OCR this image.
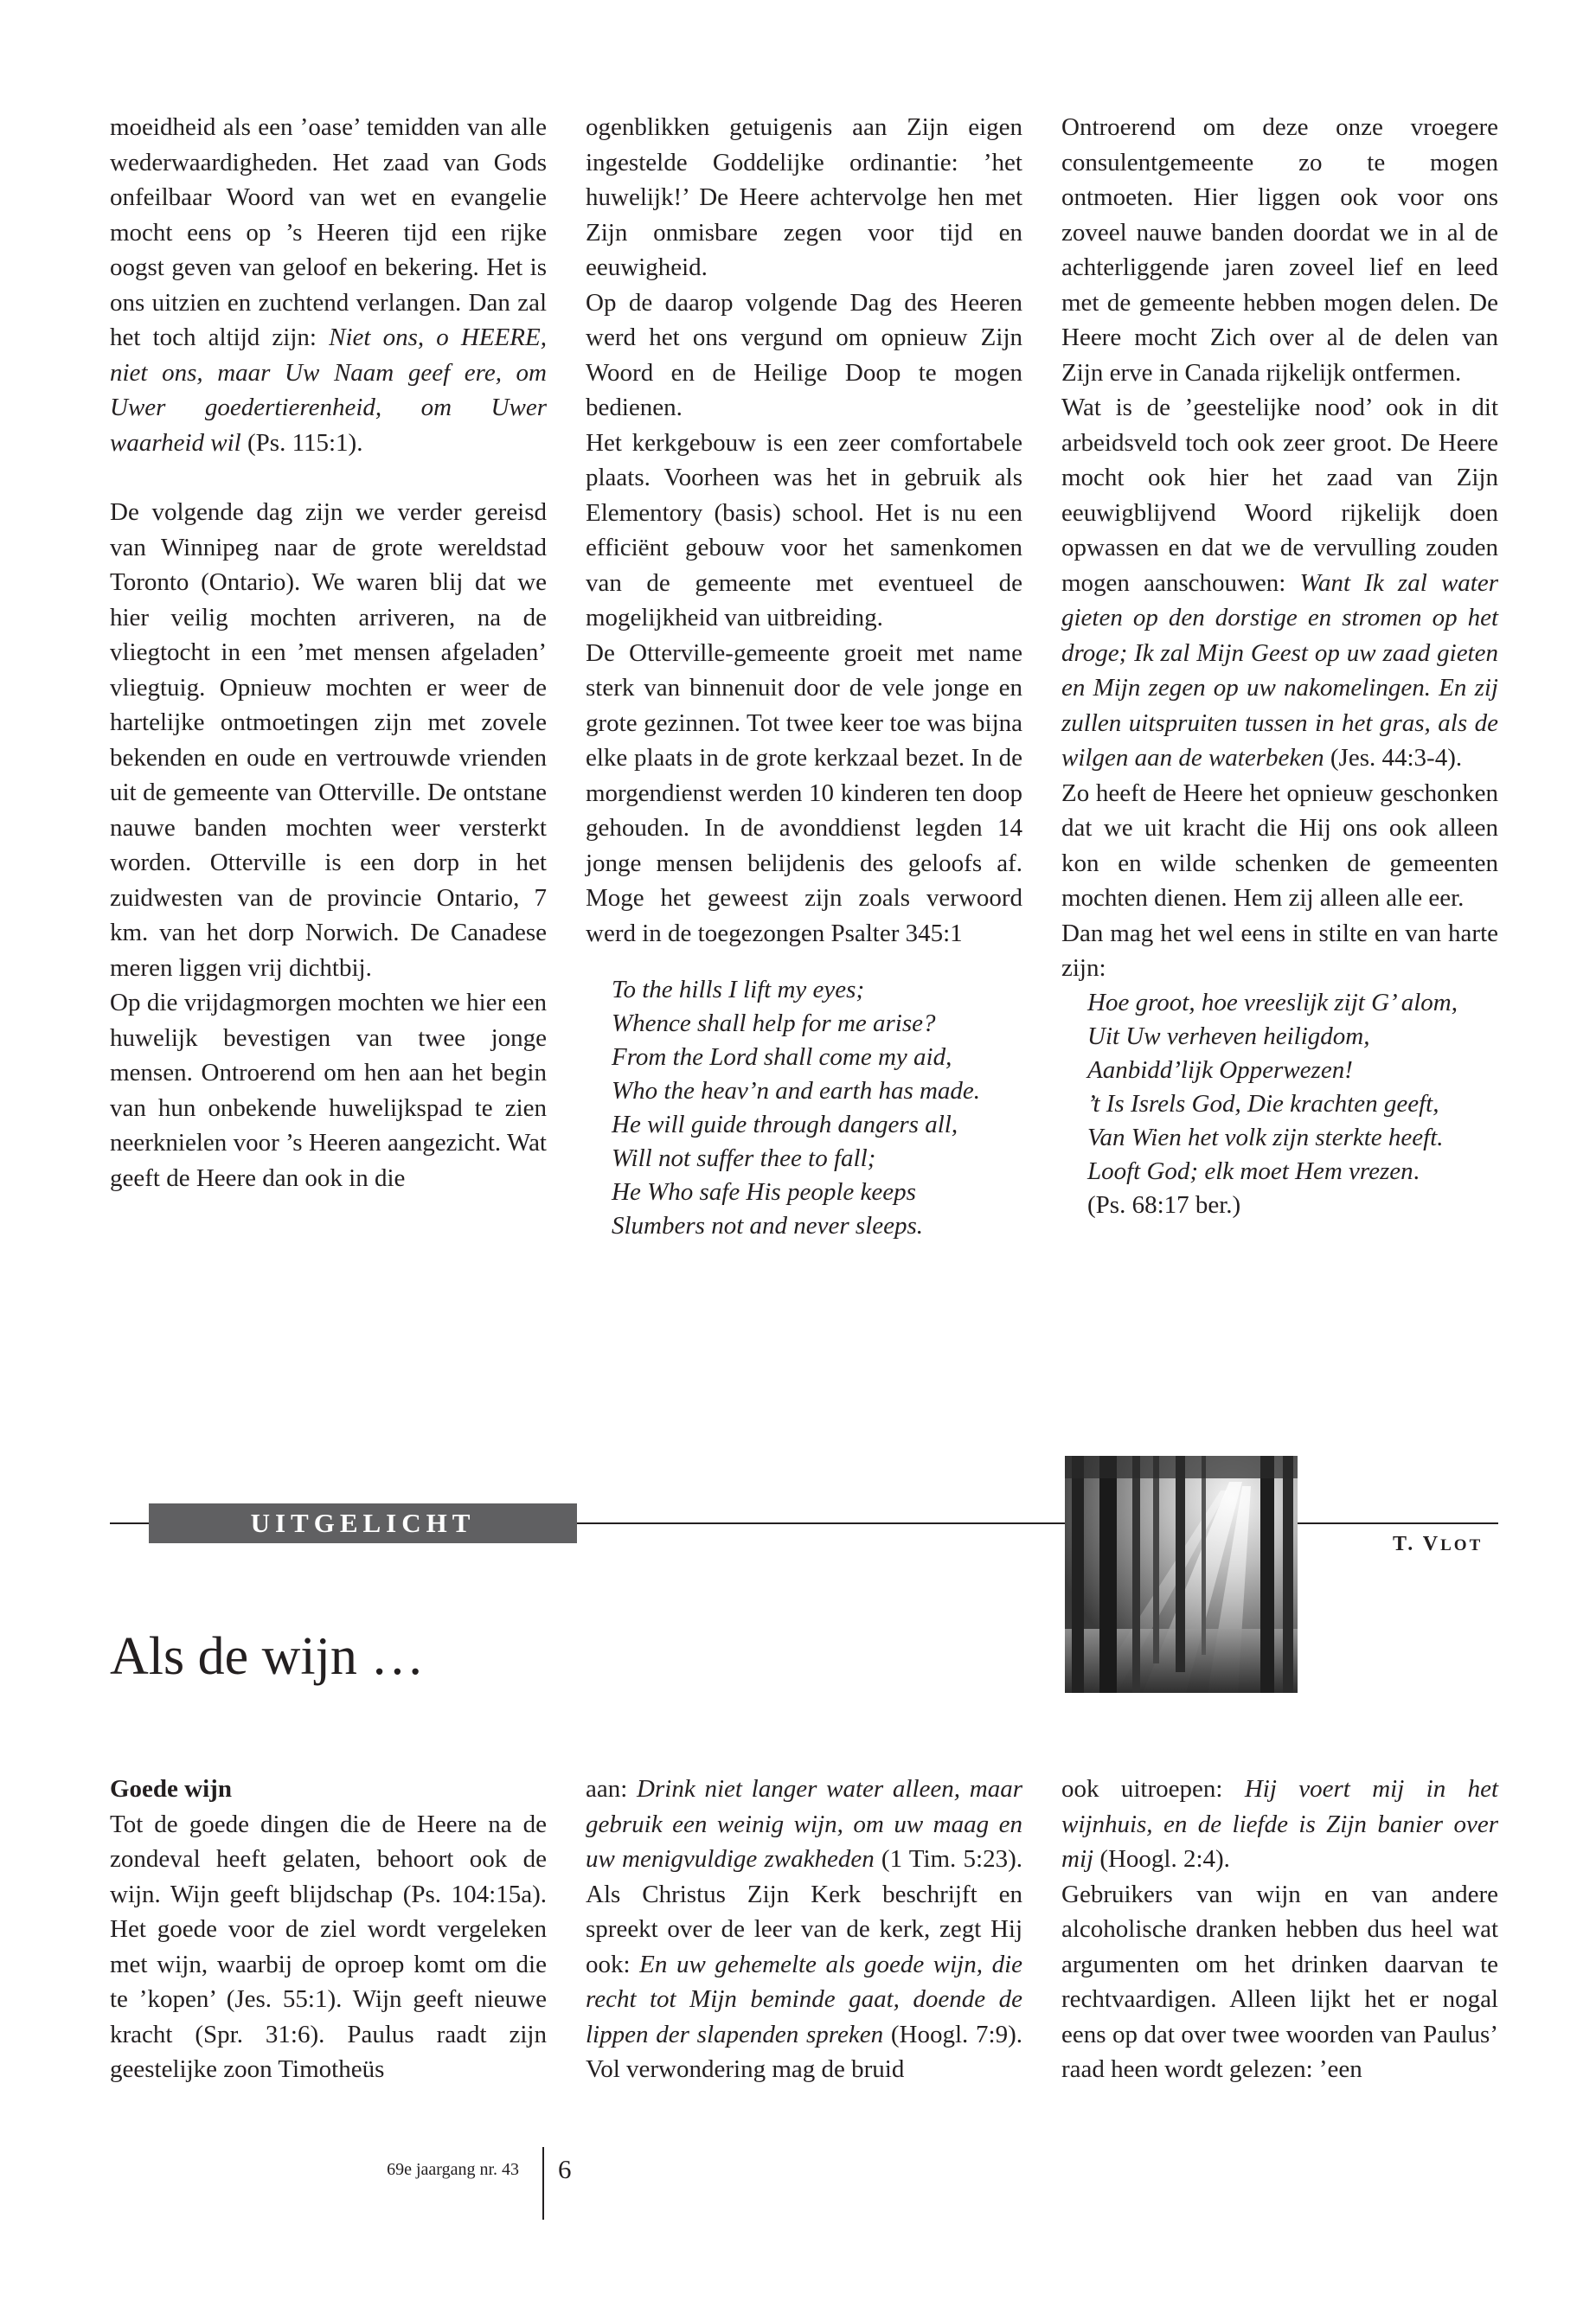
moeidheid als een ’oase’ temidden van alle wederwaardigheden. Het zaad van Gods onfeilbaar Woord van wet en evangelie mocht eens op ’s Heeren tijd een rijke oogst geven van geloof en bekering. Het is ons uitzien en zuchtend verlangen. Dan zal het toch altijd zijn: Niet ons, o HEERE, niet ons, maar Uw Naam geef ere, om Uwer goedertierenheid, om Uwer waarheid wil (Ps. 115:1).

De volgende dag zijn we verder gereisd van Winnipeg naar de grote wereldstad Toronto (Ontario). We waren blij dat we hier veilig mochten arriveren, na de vliegtocht in een ’met mensen afgeladen’ vliegtuig. Opnieuw mochten er weer de hartelijke ontmoetingen zijn met zovele bekenden en oude en vertrouwde vrienden uit de gemeente van Otterville. De ontstane nauwe banden mochten weer versterkt worden. Otterville is een dorp in het zuidwesten van de provincie Ontario, 7 km. van het dorp Norwich. De Canadese meren liggen vrij dichtbij.

Op die vrijdagmorgen mochten we hier een huwelijk bevestigen van twee jonge mensen. Ontroerend om hen aan het begin van hun onbekende huwelijkspad te zien neerknielen voor ’s Heeren aangezicht. Wat geeft de Heere dan ook in die

ogenblikken getuigenis aan Zijn eigen ingestelde Goddelijke ordinantie: ’het huwelijk!’ De Heere achtervolge hen met Zijn onmisbare zegen voor tijd en eeuwigheid.

Op de daarop volgende Dag des Heeren werd het ons vergund om opnieuw Zijn Woord en de Heilige Doop te mogen bedienen.

Het kerkgebouw is een zeer comfortabele plaats. Voorheen was het in gebruik als Elementory (basis) school. Het is nu een efficiënt gebouw voor het samenkomen van de gemeente met eventueel de mogelijkheid van uitbreiding.

De Otterville-gemeente groeit met name sterk van binnenuit door de vele jonge en grote gezinnen. Tot twee keer toe was bijna elke plaats in de grote kerkzaal bezet. In de morgendienst werden 10 kinderen ten doop gehouden. In de avonddienst legden 14 jonge mensen belijdenis des geloofs af. Moge het geweest zijn zoals verwoord werd in de toegezongen Psalter 345:1

To the hills I lift my eyes;
Whence shall help for me arise?
From the Lord shall come my aid,
Who the heav’n and earth has made.
He will guide through dangers all,
Will not suffer thee to fall;
He Who safe His people keeps
Slumbers not and never sleeps.

Ontroerend om deze onze vroegere consulentgemeente zo te mogen ontmoeten. Hier liggen ook voor ons zoveel nauwe banden doordat we in al de achterliggende jaren zoveel lief en leed met de gemeente hebben mogen delen. De Heere mocht Zich over al de delen van Zijn erve in Canada rijkelijk ontfermen.

Wat is de ’geestelijke nood’ ook in dit arbeidsveld toch ook zeer groot. De Heere mocht ook hier het zaad van Zijn eeuwigblijvend Woord rijkelijk doen opwassen en dat we de vervulling zouden mogen aanschouwen: Want Ik zal water gieten op den dorstige en stromen op het droge; Ik zal Mijn Geest op uw zaad gieten en Mijn zegen op uw nakomelingen. En zij zullen uitspruiten tussen in het gras, als de wilgen aan de waterbeken (Jes. 44:3-4).

Zo heeft de Heere het opnieuw geschonken dat we uit kracht die Hij ons ook alleen kon en wilde schenken de gemeenten mochten dienen. Hem zij alleen alle eer.

Dan mag het wel eens in stilte en van harte zijn:

Hoe groot, hoe vreeslijk zijt G’ alom,
Uit Uw verheven heiligdom,
Aanbidd’lijk Opperwezen!
’t Is Isrels God, Die krachten geeft,
Van Wien het volk zijn sterkte heeft.
Looft God; elk moet Hem vrezen.
(Ps. 68:17 ber.)
UITGELICHT
T. VLOT
Als de wijn …

Goede wijn

Tot de goede dingen die de Heere na de zondeval heeft gelaten, behoort ook de wijn. Wijn geeft blijdschap (Ps. 104:15a). Het goede voor de ziel wordt vergeleken met wijn, waarbij de oproep komt om die te ’kopen’ (Jes. 55:1). Wijn geeft nieuwe kracht (Spr. 31:6). Paulus raadt zijn geestelijke zoon Timotheüs

aan: Drink niet langer water alleen, maar gebruik een weinig wijn, om uw maag en uw menigvuldige zwakheden (1 Tim. 5:23). Als Christus Zijn Kerk beschrijft en spreekt over de leer van de kerk, zegt Hij ook: En uw gehemelte als goede wijn, die recht tot Mijn beminde gaat, doende de lippen der slapenden spreken (Hoogl. 7:9). Vol verwondering mag de bruid

ook uitroepen: Hij voert mij in het wijnhuis, en de liefde is Zijn banier over mij (Hoogl. 2:4).

Gebruikers van wijn en van andere alcoholische dranken hebben dus heel wat argumenten om het drinken daarvan te rechtvaardigen. Alleen lijkt het er nogal eens op dat over twee woorden van Paulus’ raad heen wordt gelezen: ’een

69e jaargang nr. 43 6
